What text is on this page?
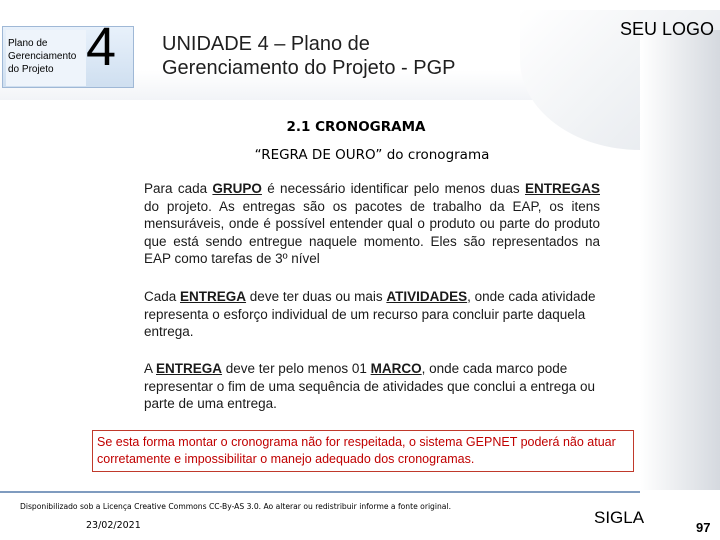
Plano de Gerenciamento do Projeto 4 UNIDADE 4 – Plano de Gerenciamento do Projeto - PGP
SEU LOGO
2.1 CRONOGRAMA
“REGRA DE OURO” do cronograma
Para cada GRUPO é necessário identificar pelo menos duas ENTREGAS do projeto. As entregas são os pacotes de trabalho da EAP, os itens mensuráveis, onde é possível entender qual o produto ou parte do produto que está sendo entregue naquele momento. Eles são representados na EAP como tarefas de 3º nível
Cada ENTREGA deve ter duas ou mais ATIVIDADES, onde cada atividade representa o esforço individual de um recurso para concluir parte daquela entrega.
A ENTREGA deve ter pelo menos 01 MARCO, onde cada marco pode representar o fim de uma sequência de atividades que conclui a entrega ou parte de uma entrega.
Se esta forma montar o cronograma não for respeitada, o sistema GEPNET poderá não atuar corretamente e impossibilitar o manejo adequado dos cronogramas.
Disponibilizado sob a Licença Creative Commons CC-By-AS 3.0. Ao alterar ou redistribuir informe a fonte original.
23/02/2021	SIGLA
97
